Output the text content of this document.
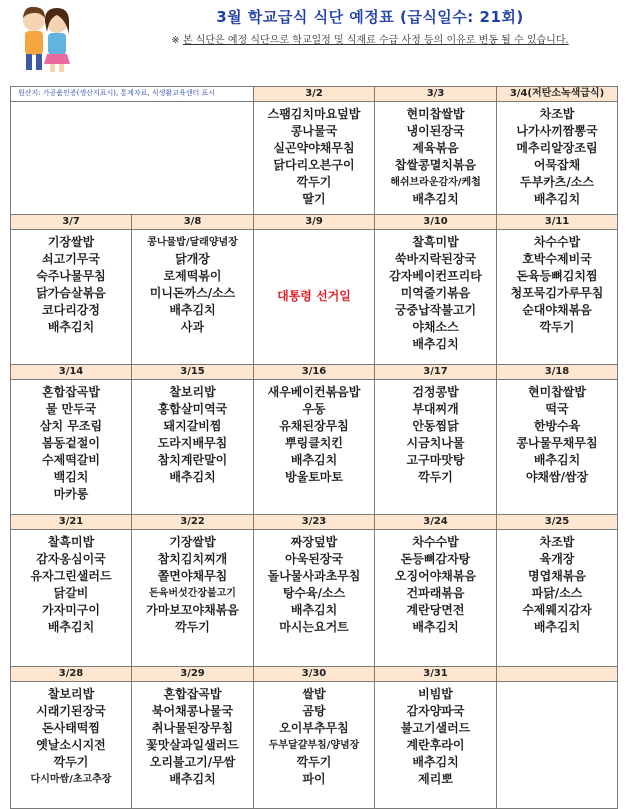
3월 학교급식 식단 예정표 (급식일수: 21회)
※ 본 식단은 예정 식단으로 학교일정 및 식재료 수급 사정 등의 이유로 변동 될 수 있습니다.
3/2
스팸김치마요덮밥
콩나물국
실곤약야채무침
닭다리오븐구이
깍두기
딸기
3/3
현미찹쌀밥
냉이된장국
제육볶음
찹쌀콩멸치볶음
해쉬브라운감자/케첩
배추김치
3/4(저탄소녹색급식)
차조밥
나가사끼짬뽕국
메추리알장조림
어묵잡채
두부카츠/소스
배추김치
3/7
기장쌀밥
쇠고기무국
숙주나물무침
닭가슴살볶음
코다리강정
배추김치
3/8
콩나물밥/달래양념장
닭개장
로제떡볶이
미니돈까스/소스
배추김치
사과
3/9
대통령 선거일
3/10
찰흑미밥
쑥바지락된장국
감자베이컨프리타
미역줄기볶음
궁중납작불고기
야채소스
배추김치
3/11
차수수밥
호박수제비국
돈육등뼈김치찜
청포묵김가루무침
순대야채볶음
깍두기
3/14
혼합잡곡밥
물 만두국
삼치 무조림
봄동겉절이
수제떡갈비
백김치
마카롱
3/15
찰보리밥
홍합살미역국
돼지갈비찜
도라지배무침
참치계란말이
배추김치
3/16
새우베이컨볶음밥
우동
유채된장무침
뿌링클치킨
배추김치
방울토마토
3/17
검정콩밥
부대찌개
안동찜닭
시금치나물
고구마맛탕
깍두기
3/18
현미찹쌀밥
떡국
한방수육
콩나물무채무침
배추김치
야채쌈/쌈장
3/21
찰흑미밥
감자옹심이국
유자그린샐러드
닭갈비
가자미구이
배추김치
3/22
기장쌀밥
참치김치찌개
쫄면야채무침
돈육버섯간장불고기
가마보꼬야채볶음
깍두기
3/23
짜장덮밥
아욱된장국
돌나물사과초무침
탕수육/소스
배추김치
마시는요거트
3/24
차수수밥
돈등뼈감자탕
오징어야채볶음
건파래볶음
계란당면전
배추김치
3/25
차조밥
육개장
명엽채볶음
파닭/소스
수제웨지감자
배추김치
3/28
찰보리밥
시래기된장국
돈사태떡찜
옛날소시지전
깍두기
다시마쌈/초고추장
3/29
혼합잡곡밥
북어채콩나물국
취나물된장무침
꽃맛살과일샐러드
오리불고기/무쌈
배추김치
3/30
쌀밥
곰탕
오이부추무침
두부달걀부침/양념장
깍두기
파이
3/31
비빔밥
감자양파국
불고기샐러드
계란후라이
배추김치
제리뽀
원산지: 가공품인증(생산지표시), 통계자료, 식생활교육센터 표시
